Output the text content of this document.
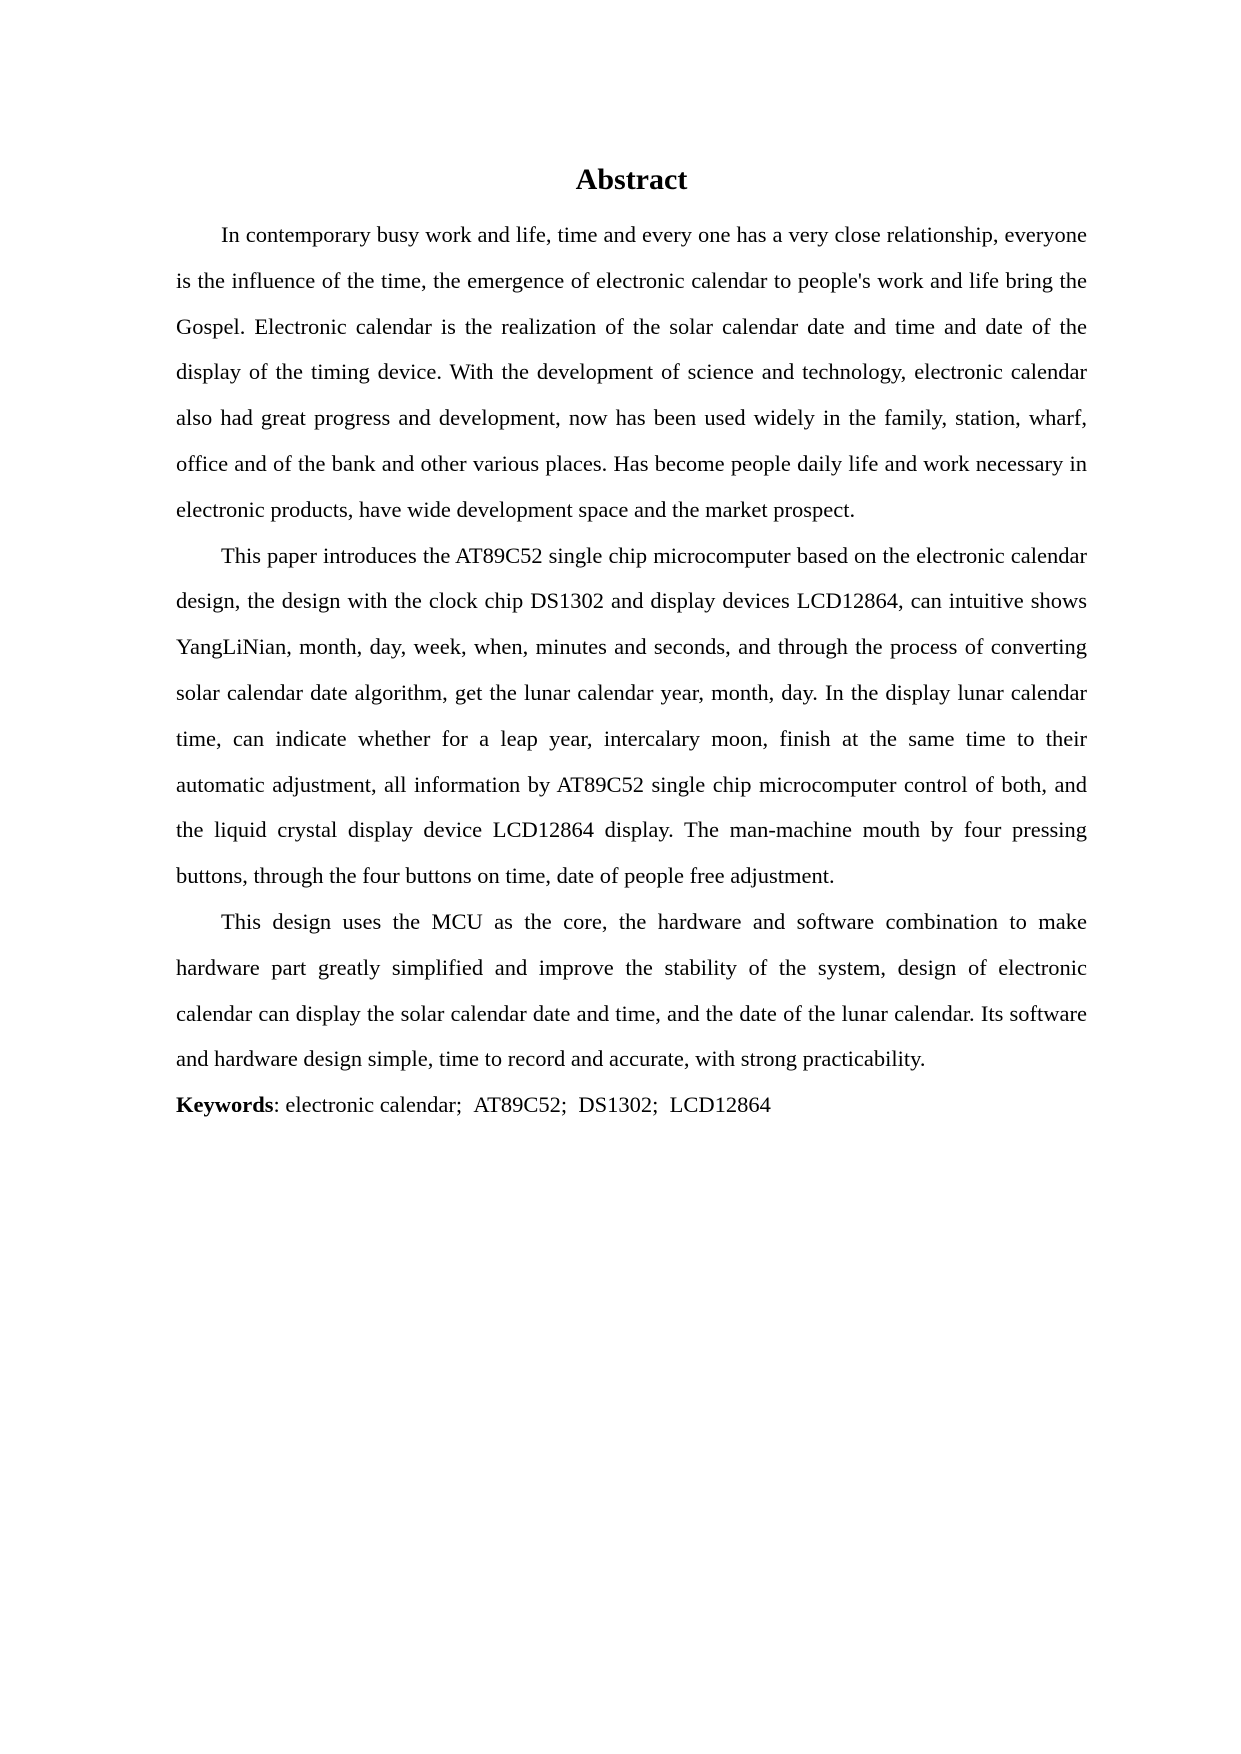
Abstract

In contemporary busy work and life, time and every one has a very close relationship, everyone is the influence of the time, the emergence of electronic calendar to people's work and life bring the Gospel. Electronic calendar is the realization of the solar calendar date and time and date of the display of the timing device. With the development of science and technology, electronic calendar also had great progress and development, now has been used widely in the family, station, wharf, office and of the bank and other various places. Has become people daily life and work necessary in electronic products, have wide development space and the market prospect.

This paper introduces the AT89C52 single chip microcomputer based on the electronic calendar design, the design with the clock chip DS1302 and display devices LCD12864, can intuitive shows YangLiNian, month, day, week, when, minutes and seconds, and through the process of converting solar calendar date algorithm, get the lunar calendar year, month, day. In the display lunar calendar time, can indicate whether for a leap year, intercalary moon, finish at the same time to their automatic adjustment, all information by AT89C52 single chip microcomputer control of both, and the liquid crystal display device LCD12864 display. The man-machine mouth by four pressing buttons, through the four buttons on time, date of people free adjustment.

This design uses the MCU as the core, the hardware and software combination to make hardware part greatly simplified and improve the stability of the system, design of electronic calendar can display the solar calendar date and time, and the date of the lunar calendar. Its software and hardware design simple, time to record and accurate, with strong practicability.

Keywords: electronic calendar;  AT89C52;  DS1302;  LCD12864
